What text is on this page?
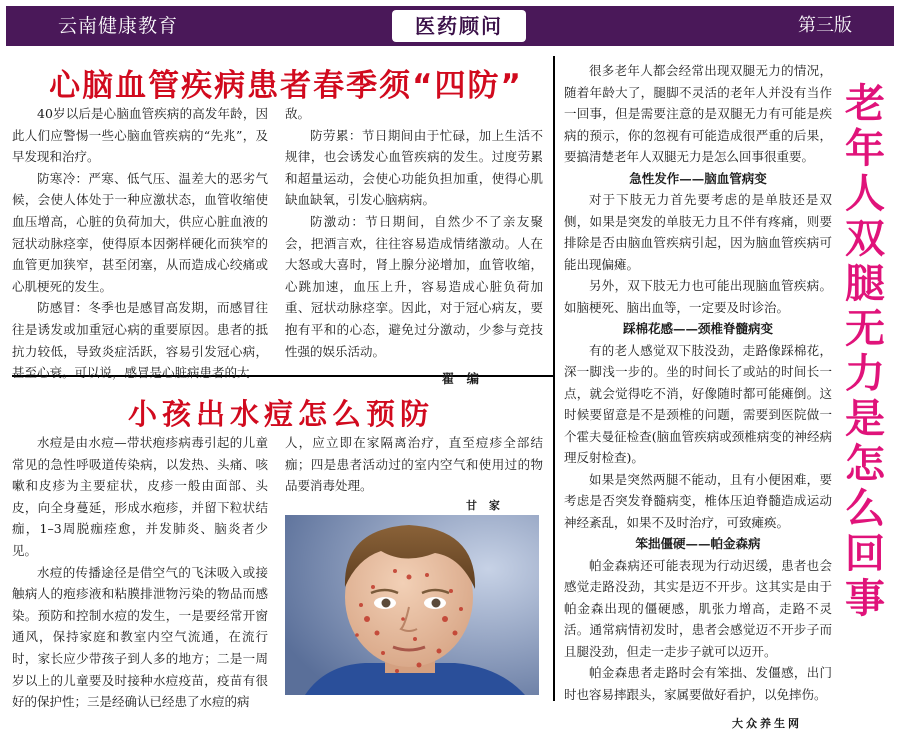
云南健康教育	医药顾问	第三版
心脑血管疾病患者春季须“四防”

40岁以后是心脑血管疾病的高发年龄，因此人们应警惕一些心脑血管疾病的“先兆”，及早发现和治疗。

防寒冷：严寒、低气压、温差大的恶劣气候，会使人体处于一种应激状态，血管收缩使血压增高，心脏的负荷加大，供应心脏血液的冠状动脉痉挛，使得原本因粥样硬化而狭窄的血管更加狭窄，甚至闭塞，从而造成心绞痛或心肌梗死的发生。

防感冒：冬季也是感冒高发期，而感冒往往是诱发或加重冠心病的重要原因。患者的抵抗力较低，导致炎症活跃，容易引发冠心病，甚至心衰。可以说，感冒是心脏病患者的大

敌。

防劳累：节日期间由于忙碌，加上生活不规律，也会诱发心血管疾病的发生。过度劳累和超量运动，会使心功能负担加重，使得心肌缺血缺氧，引发心脑病病。

防激动：节日期间，自然少不了亲友聚会，把酒言欢，往往容易造成情绪激动。人在大怒或大喜时，肾上腺分泌增加，血管收缩，心跳加速，血压上升，容易造成心脏负荷加重、冠状动脉痉挛。因此，对于冠心病友，要抱有平和的心态，避免过分激动，少参与竞技性强的娱乐活动。

翟 编

小孩出水痘怎么预防

水痘是由水痘—带状疱疹病毒引起的儿童常见的急性呼吸道传染病，以发热、头痛、咳嗽和皮疹为主要症状，皮疹一般由面部、头皮，向全身蔓延，形成水疱疹，并留下粒状结痂，1–3周脱痂痊愈，并发肺炎、脑炎者少见。

水痘的传播途径是借空气的飞沫吸入或接触病人的疱疹液和粘膜排泄物污染的物品而感染。预防和控制水痘的发生，一是要经常开窗通风，保持家庭和教室内空气流通，在流行时，家长应少带孩子到人多的地方；二是一周岁以上的儿童要及时接种水痘疫苗，疫苗有很好的保护性；三是经确认已经患了水痘的病

人，应立即在家隔离治疗，直至痘疹全部结痂；四是患者活动过的室内空气和使用过的物品要消毒处理。

甘 家

很多老年人都会经常出现双腿无力的情况，随着年龄大了，腿脚不灵活的老年人并没有当作一回事，但是需要注意的是双腿无力有可能是疾病的预示，你的忽视有可能造成很严重的后果，要搞清楚老年人双腿无力是怎么回事很重要。

急性发作——脑血管病变

对于下肢无力首先要考虑的是单肢还是双侧，如果是突发的单肢无力且不伴有疼痛，则要排除是否由脑血管疾病引起，因为脑血管疾病可能出现偏瘫。

另外，双下肢无力也可能出现脑血管疾病。如脑梗死、脑出血等，一定要及时诊治。

踩棉花感——颈椎脊髓病变

有的老人感觉双下肢没劲，走路像踩棉花，深一脚浅一步的。坐的时间长了或站的时间长一点，就会觉得吃不消，好像随时都可能瘫倒。这时候要留意是不是颈椎的问题，需要到医院做一个霍夫曼征检查(脑血管疾病或颈椎病变的神经病理反射检查)。

如果是突然两腿不能动，且有小便困难，要考虑是否突发脊髓病变，椎体压迫脊髓造成运动神经紊乱，如果不及时治疗，可致瘫痪。

笨拙僵硬——帕金森病

帕金森病还可能表现为行动迟缓，患者也会感觉走路没劲，其实是迈不开步。这其实是由于帕金森出现的僵硬感，肌张力增高，走路不灵活。通常病情初发时，患者会感觉迈不开步子而且腿没劲，但走一走步子就可以迈开。

帕金森患者走路时会有笨拙、发僵感，出门时也容易摔跟头，家属要做好看护，以免摔伤。

大众养生网

老
年
人
双
腿
无
力
是
怎
么
回
事
